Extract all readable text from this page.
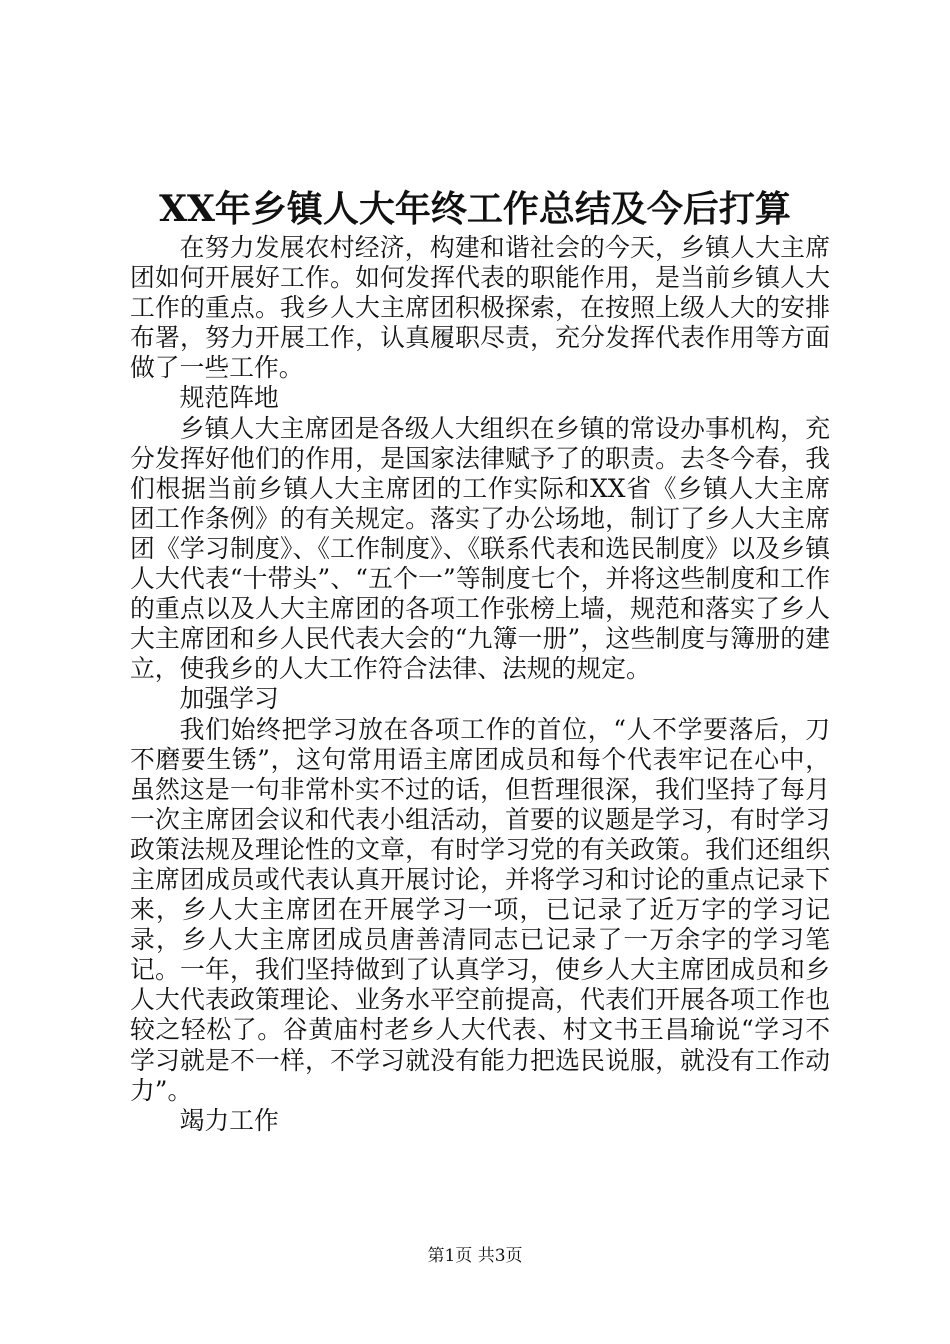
XX年乡镇人大年终工作总结及今后打算

在努力发展农村经济，构建和谐社会的今天，乡镇人大主席团如何开展好工作。如何发挥代表的职能作用，是当前乡镇人大工作的重点。我乡人大主席团积极探索，在按照上级人大的安排布署，努力开展工作，认真履职尽责，充分发挥代表作用等方面做了一些工作。

规范阵地

乡镇人大主席团是各级人大组织在乡镇的常设办事机构，充分发挥好他们的作用，是国家法律赋予了的职责。去冬今春，我们根据当前乡镇人大主席团的工作实际和XX省《乡镇人大主席团工作条例》的有关规定。落实了办公场地，制订了乡人大主席团《学习制度》、《工作制度》、《联系代表和选民制度》以及乡镇人大代表“十带头”、“五个一”等制度七个，并将这些制度和工作的重点以及人大主席团的各项工作张榜上墙，规范和落实了乡人大主席团和乡人民代表大会的“九簿一册”，这些制度与簿册的建立，使我乡的人大工作符合法律、法规的规定。

加强学习

我们始终把学习放在各项工作的首位，“人不学要落后，刀不磨要生锈”，这句常用语主席团成员和每个代表牢记在心中，虽然这是一句非常朴实不过的话，但哲理很深，我们坚持了每月一次主席团会议和代表小组活动，首要的议题是学习，有时学习政策法规及理论性的文章，有时学习党的有关政策。我们还组织主席团成员或代表认真开展讨论，并将学习和讨论的重点记录下来，乡人大主席团在开展学习一项，已记录了近万字的学习记录，乡人大主席团成员唐善清同志已记录了一万余字的学习笔记。一年，我们坚持做到了认真学习，使乡人大主席团成员和乡人大代表政策理论、业务水平空前提高，代表们开展各项工作也较之轻松了。谷黄庙村老乡人大代表、村文书王昌瑜说“学习不学习就是不一样，不学习就没有能力把选民说服，就没有工作动力”。

竭力工作

第1页 共3页
